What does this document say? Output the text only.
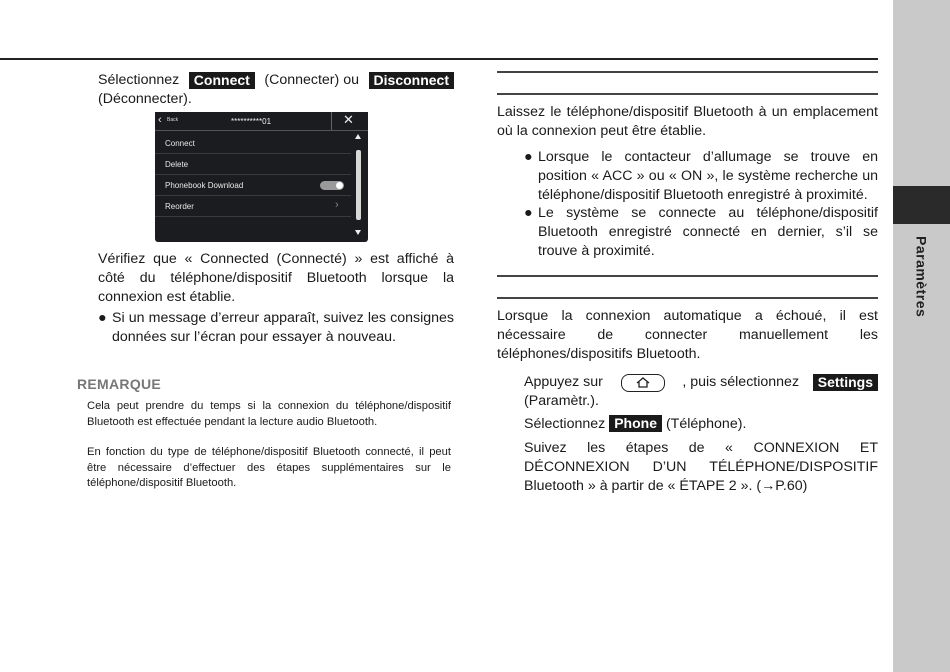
Paramètres
Sélectionnez	Connect	(Connecter) ou	Disconnect
(Déconnecter).
‹ Back	**********01	✕
Connect
Delete
Phonebook Download
Reorder	›
Vérifiez que « Connected (Connecté) » est affiché à côté du téléphone/dispositif Bluetooth lorsque la connexion est établie.
● Si un message d’erreur apparaît, suivez les consignes données sur l’écran pour essayer à nouveau.
REMARQUE
Cela peut prendre du temps si la connexion du téléphone/dispositif Bluetooth est effectuée pendant la lecture audio Bluetooth.
En fonction du type de téléphone/dispositif Bluetooth connecté, il peut être nécessaire d’effectuer des étapes supplémentaires sur le téléphone/dispositif Bluetooth.
Laissez le téléphone/dispositif Bluetooth à un emplacement où la connexion peut être établie.
● Lorsque le contacteur d’allumage se trouve en position « ACC » ou « ON », le système recherche un téléphone/dispositif Bluetooth enregistré à proximité.
● Le système se connecte au téléphone/dispositif Bluetooth enregistré connecté en dernier, s’il se trouve à proximité.
Lorsque la connexion automatique a échoué, il est nécessaire de connecter manuellement les téléphones/dispositifs Bluetooth.
Appuyez sur	, puis sélectionnez	Settings
(Paramètr.).
Sélectionnez Phone (Téléphone).
Suivez les étapes de « CONNEXION ET DÉCONNEXION D’UN TÉLÉPHONE/DISPOSITIF Bluetooth » à partir de « ÉTAPE 2 ». (→P.60)
